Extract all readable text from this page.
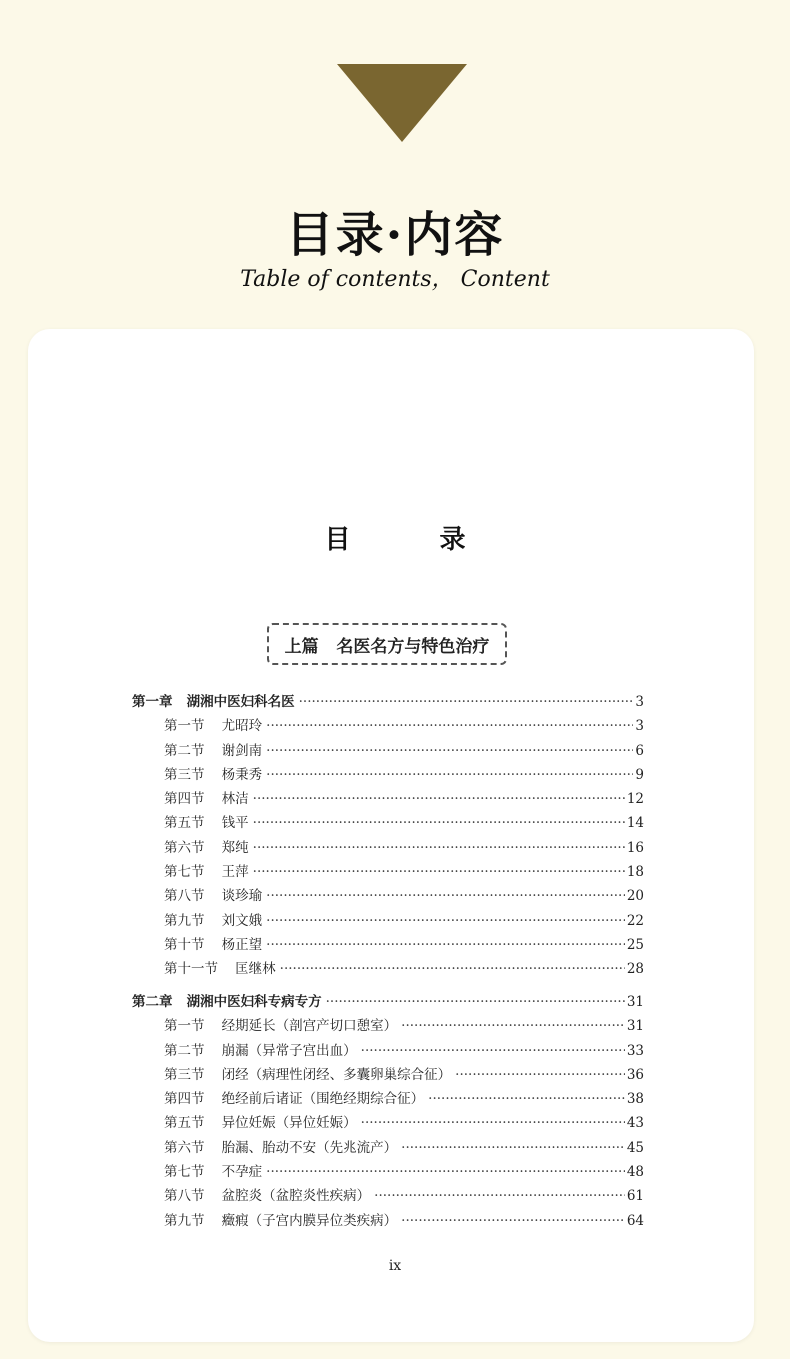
目录·内容
Table of contents， Content
目 录
上篇   名医名方与特色治疗
第一章   湖湘中医妇科名医 ·····	3
第一节    尤昭玲 ·····	3
第二节    谢剑南 ·····	6
第三节    杨秉秀 ·····	9
第四节    林洁 ·····	12
第五节    钱平 ·····	14
第六节    郑纯 ·····	16
第七节    王萍 ·····	18
第八节    谈珍瑜 ·····	20
第九节    刘文娥 ·····	22
第十节    杨正望 ·····	25
第十一节    匡继林 ·····	28
第二章   湖湘中医妇科专病专方 ·····	31
第一节    经期延长（剖宫产切口憩室） ·····	31
第二节    崩漏（异常子宫出血） ·····	33
第三节    闭经（病理性闭经、多囊卵巢综合征） ·····	36
第四节    绝经前后诸证（围绝经期综合征） ·····	38
第五节    异位妊娠（异位妊娠） ·····	43
第六节    胎漏、胎动不安（先兆流产） ·····	45
第七节    不孕症 ·····	48
第八节    盆腔炎（盆腔炎性疾病） ·····	61
第九节    癥瘕（子宫内膜异位类疾病） ·····	64
ix
